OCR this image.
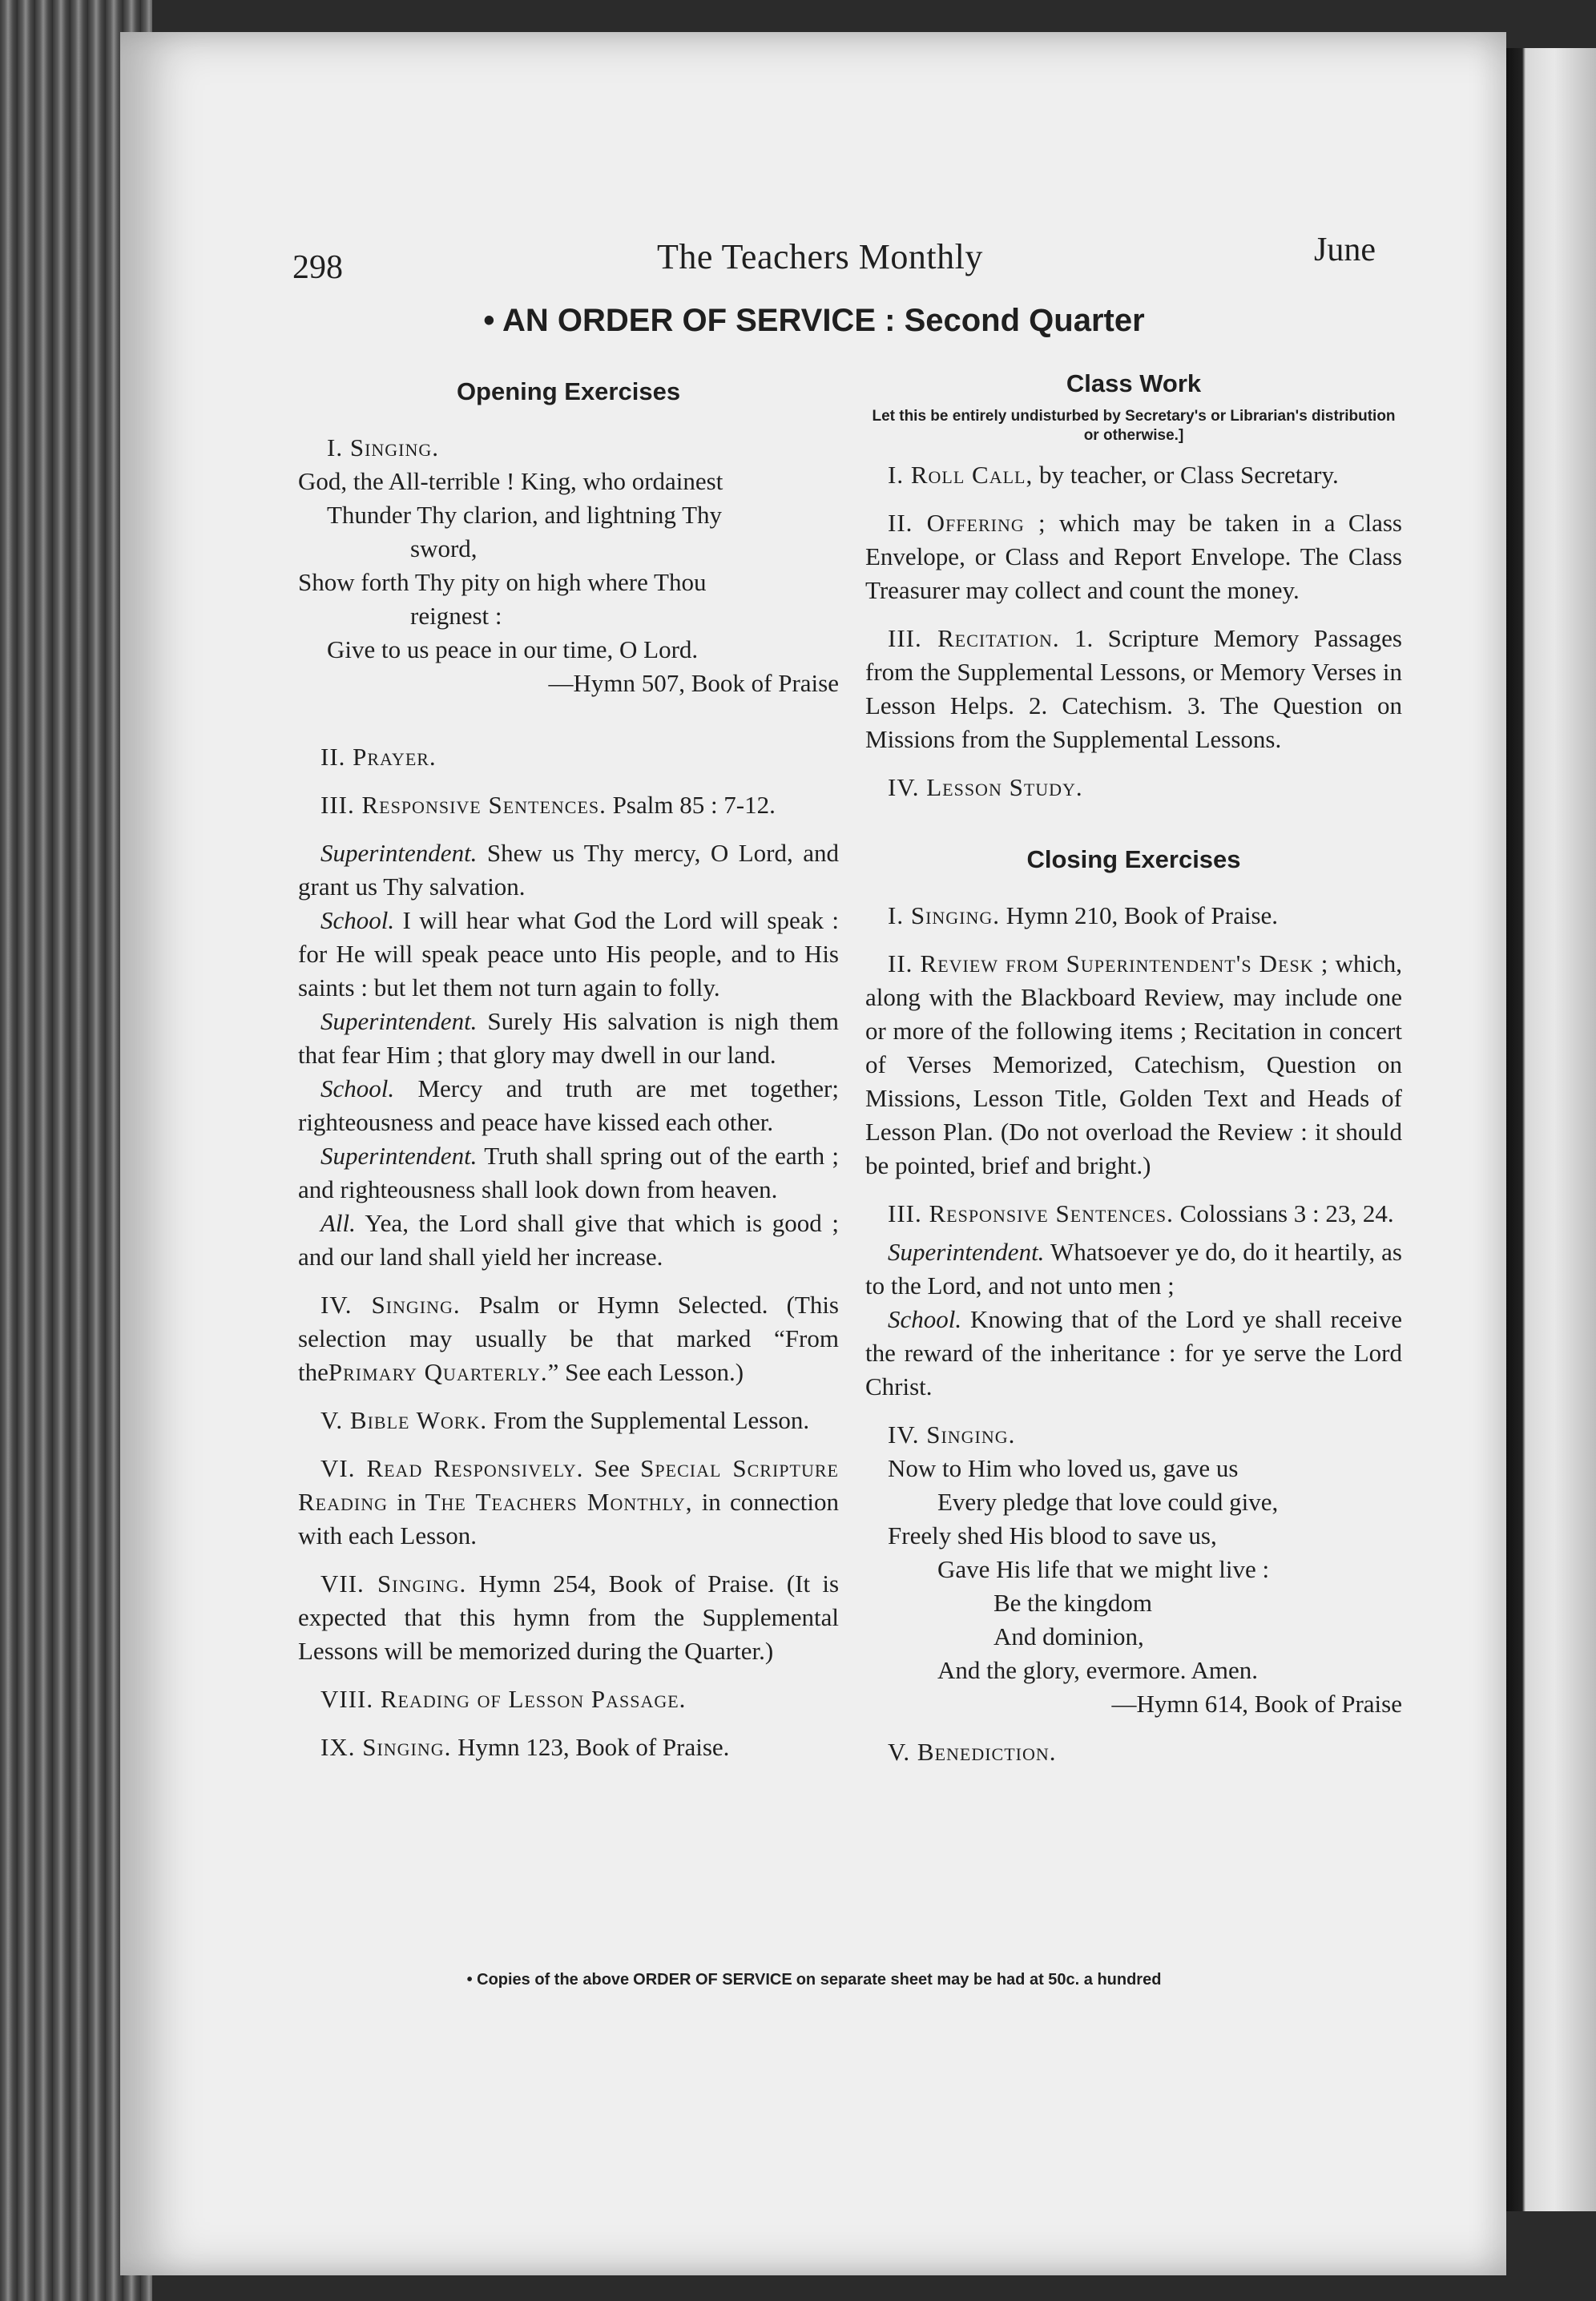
298	The Teachers Monthly	June
• AN ORDER OF SERVICE : Second Quarter
Opening Exercises

I. Singing.

God, the All-terrible ! King, who ordainest

Thunder Thy clarion, and lightning Thy

sword,

Show forth Thy pity on high where Thou

reignest :

Give to us peace in our time, O Lord.

—Hymn 507, Book of Praise

II. Prayer.

III. Responsive Sentences. Psalm 85 : 7-12.

Superintendent. Shew us Thy mercy, O Lord, and grant us Thy salvation.

School. I will hear what God the Lord will speak : for He will speak peace unto His people, and to His saints : but let them not turn again to folly.

Superintendent. Surely His salvation is nigh them that fear Him ; that glory may dwell in our land.

School. Mercy and truth are met together; righteousness and peace have kissed each other.

Superintendent. Truth shall spring out of the earth ; and righteousness shall look down from heaven.

All. Yea, the Lord shall give that which is good ; and our land shall yield her increase.

IV. Singing. Psalm or Hymn Selected. (This selection may usually be that marked “From thePrimary Quarterly.” See each Lesson.)

V. Bible Work. From the Supplemental Lesson.

VI. Read Responsively. See Special Scripture Reading in The Teachers Monthly, in connection with each Lesson.

VII. Singing. Hymn 254, Book of Praise. (It is expected that this hymn from the Supplemental Lessons will be memorized during the Quarter.)

VIII. Reading of Lesson Passage.

IX. Singing. Hymn 123, Book of Praise.

Class Work
Let this be entirely undisturbed by Secretary's or Librarian's distribution or otherwise.]

I. Roll Call, by teacher, or Class Secretary.

II. Offering ; which may be taken in a Class Envelope, or Class and Report Envelope. The Class Treasurer may collect and count the money.

III. Recitation. 1. Scripture Memory Passages from the Supplemental Lessons, or Memory Verses in Lesson Helps. 2. Catechism. 3. The Question on Missions from the Supplemental Lessons.

IV. Lesson Study.

Closing Exercises

I. Singing. Hymn 210, Book of Praise.

II. Review from Superintendent's Desk ; which, along with the Blackboard Review, may include one or more of the following items ; Recitation in concert of Verses Memorized, Catechism, Question on Missions, Lesson Title, Golden Text and Heads of Lesson Plan. (Do not overload the Review : it should be pointed, brief and bright.)

III. Responsive Sentences. Colossians 3 : 23, 24.

Superintendent. Whatsoever ye do, do it heartily, as to the Lord, and not unto men ;

School. Knowing that of the Lord ye shall receive the reward of the inheritance : for ye serve the Lord Christ.

IV. Singing.

Now to Him who loved us, gave us

Every pledge that love could give,

Freely shed His blood to save us,

Gave His life that we might live :

Be the kingdom

And dominion,

And the glory, evermore. Amen.

—Hymn 614, Book of Praise

V. Benediction.

• Copies of the above ORDER OF SERVICE on separate sheet may be had at 50c. a hundred
